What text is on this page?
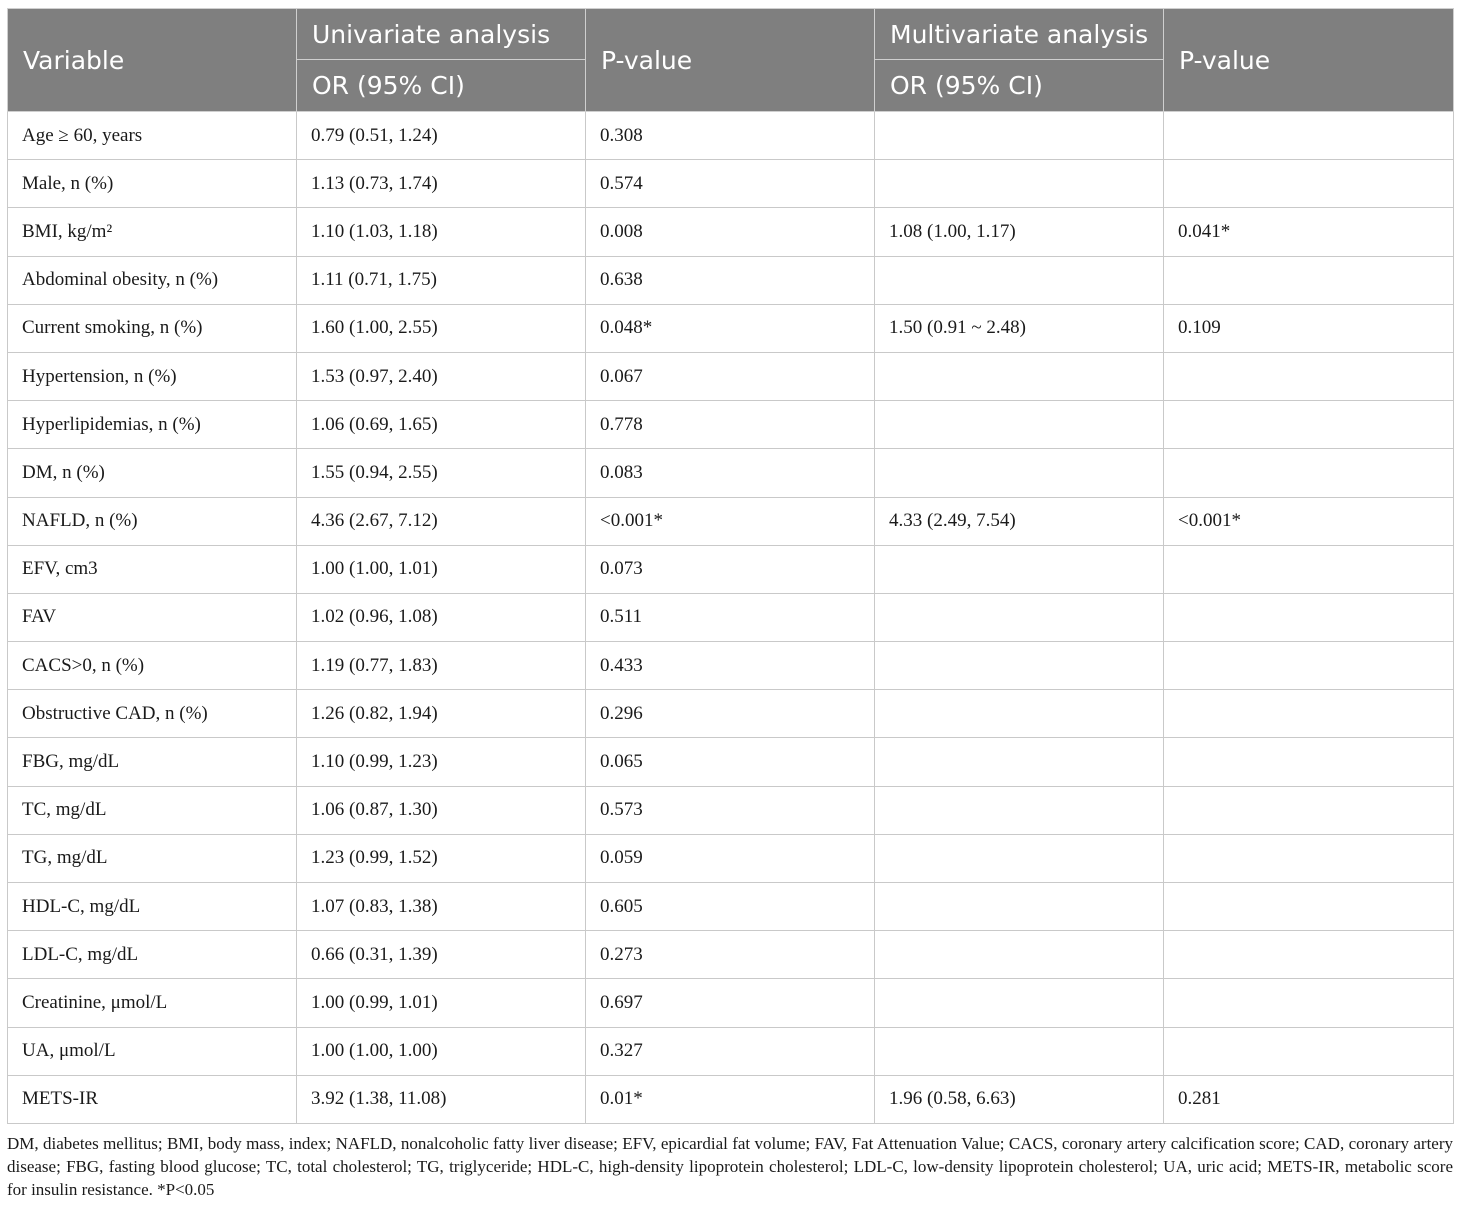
Variable	Univariate analysis	P-value	Multivariate analysis	P-value
	OR (95% CI)		OR (95% CI)	
Age ≥ 60, years	0.79 (0.51, 1.24)	0.308		
Male, n (%)	1.13 (0.73, 1.74)	0.574		
BMI, kg/m²	1.10 (1.03, 1.18)	0.008	1.08 (1.00, 1.17)	0.041*
Abdominal obesity, n (%)	1.11 (0.71, 1.75)	0.638		
Current smoking, n (%)	1.60 (1.00, 2.55)	0.048*	1.50 (0.91 ~ 2.48)	0.109
Hypertension, n (%)	1.53 (0.97, 2.40)	0.067		
Hyperlipidemias, n (%)	1.06 (0.69, 1.65)	0.778		
DM, n (%)	1.55 (0.94, 2.55)	0.083		
NAFLD, n (%)	4.36 (2.67, 7.12)	<0.001*	4.33 (2.49, 7.54)	<0.001*
EFV, cm3	1.00 (1.00, 1.01)	0.073		
FAV	1.02 (0.96, 1.08)	0.511		
CACS>0, n (%)	1.19 (0.77, 1.83)	0.433		
Obstructive CAD, n (%)	1.26 (0.82, 1.94)	0.296		
FBG, mg/dL	1.10 (0.99, 1.23)	0.065		
TC, mg/dL	1.06 (0.87, 1.30)	0.573		
TG, mg/dL	1.23 (0.99, 1.52)	0.059		
HDL-C, mg/dL	1.07 (0.83, 1.38)	0.605		
LDL-C, mg/dL	0.66 (0.31, 1.39)	0.273		
Creatinine, μmol/L	1.00 (0.99, 1.01)	0.697		
UA, μmol/L	1.00 (1.00, 1.00)	0.327		
METS-IR	3.92 (1.38, 11.08)	0.01*	1.96 (0.58, 6.63)	0.281
DM, diabetes mellitus; BMI, body mass, index; NAFLD, nonalcoholic fatty liver disease; EFV, epicardial fat volume; FAV, Fat Attenuation Value; CACS, coronary artery calcification score; CAD, coronary artery disease; FBG, fasting blood glucose; TC, total cholesterol; TG, triglyceride; HDL-C, high-density lipoprotein cholesterol; LDL-C, low-density lipoprotein cholesterol; UA, uric acid; METS-IR, metabolic score for insulin resistance. *P<0.05
